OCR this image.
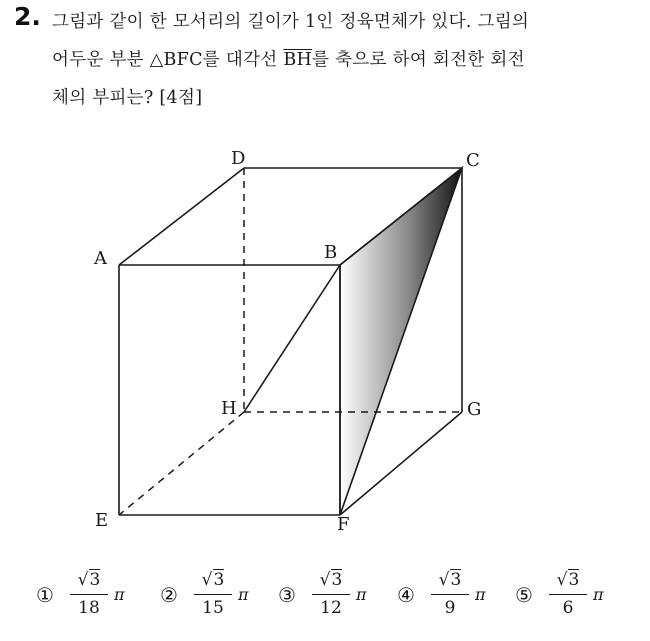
2. 그림과 같이 한 모서리의 길이가 1인 정육면체가 있다. 그림의
어두운 부분 △BFC를 대각선 $\overline{BH}$를 축으로 하여 회전한 회전
체의 부피는? [4점]
A	B
C
D
E	F
G
H
①
√3
18
π ②
√3
15
π ③
√3
12
π ④
√3
9
π ⑤
√3
6
π
